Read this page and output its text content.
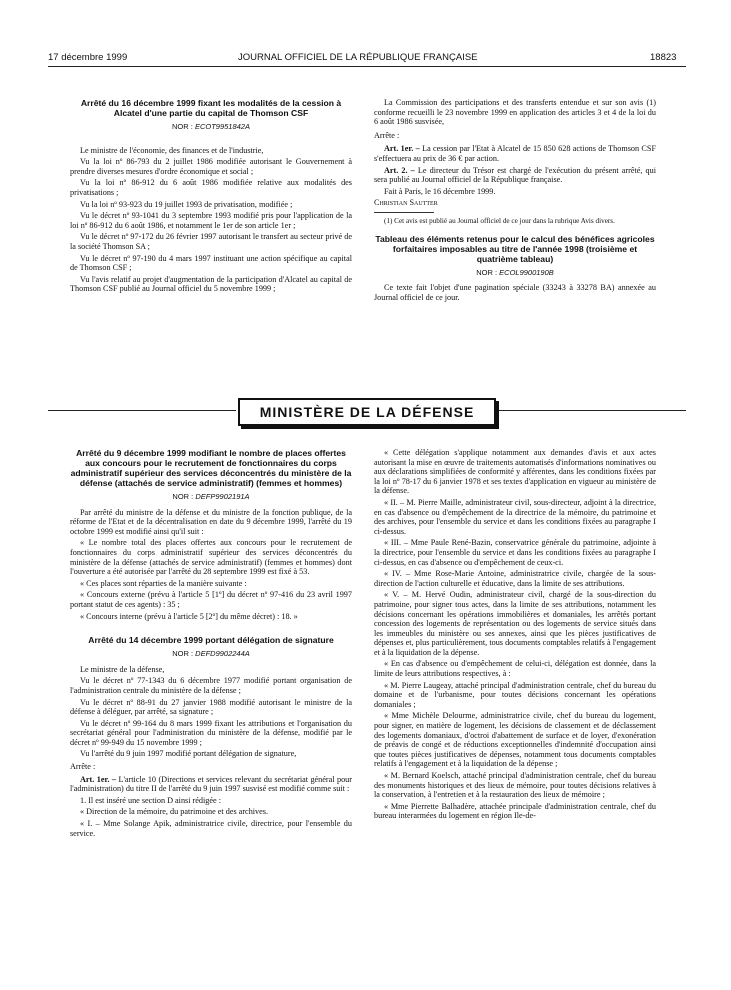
17 décembre 1999	JOURNAL OFFICIEL DE LA RÉPUBLIQUE FRANÇAISE	18823
Arrêté du 16 décembre 1999 fixant les modalités de la cession à Alcatel d'une partie du capital de Thomson CSF
NOR : ECOT9951842A

Le ministre de l'économie, des finances et de l'industrie,

Vu la loi nº 86-793 du 2 juillet 1986 modifiée autorisant le Gouvernement à prendre diverses mesures d'ordre économique et social ;

Vu la loi nº 86-912 du 6 août 1986 modifiée relative aux modalités des privatisations ;

Vu la loi nº 93-923 du 19 juillet 1993 de privatisation, modifiée ;

Vu le décret nº 93-1041 du 3 septembre 1993 modifié pris pour l'application de la loi nº 86-912 du 6 août 1986, et notamment le 1er de son article 1er ;

Vu le décret nº 97-172 du 26 février 1997 autorisant le transfert au secteur privé de la société Thomson SA ;

Vu le décret nº 97-190 du 4 mars 1997 instituant une action spécifique au capital de Thomson CSF ;

Vu l'avis relatif au projet d'augmentation de la participation d'Alcatel au capital de Thomson CSF publié au Journal officiel du 5 novembre 1999 ;

La Commission des participations et des transferts entendue et sur son avis (1) conforme recueilli le 23 novembre 1999 en application des articles 3 et 4 de la loi du 6 août 1986 susvisée,

Arrête :

Art. 1er. – La cession par l'Etat à Alcatel de 15 850 628 actions de Thomson CSF s'effectuera au prix de 36 € par action.

Art. 2. – Le directeur du Trésor est chargé de l'exécution du présent arrêté, qui sera publié au Journal officiel de la République française.

Fait à Paris, le 16 décembre 1999.

Christian Sautter

(1) Cet avis est publié au Journal officiel de ce jour dans la rubrique Avis divers.

Tableau des éléments retenus pour le calcul des bénéfices agricoles forfaitaires imposables au titre de l'année 1998 (troisième et quatrième tableau)
NOR : ECOL9900190B

Ce texte fait l'objet d'une pagination spéciale (33243 à 33278 BA) annexée au Journal officiel de ce jour.

MINISTÈRE DE LA DÉFENSE
Arrêté du 9 décembre 1999 modifiant le nombre de places offertes aux concours pour le recrutement de fonctionnaires du corps administratif supérieur des services déconcentrés du ministère de la défense (attachés de service administratif) (femmes et hommes)
NOR : DEFP9902191A

Par arrêté du ministre de la défense et du ministre de la fonction publique, de la réforme de l'Etat et de la décentralisation en date du 9 décembre 1999, l'arrêté du 19 octobre 1999 est modifié ainsi qu'il suit :

« Le nombre total des places offertes aux concours pour le recrutement de fonctionnaires du corps administratif supérieur des services déconcentrés du ministère de la défense (attachés de service administratif) (femmes et hommes) dont l'ouverture a été autorisée par l'arrêté du 28 septembre 1999 est fixé à 53.

« Ces places sont réparties de la manière suivante :

« Concours externe (prévu à l'article 5 [1º] du décret nº 97-416 du 23 avril 1997 portant statut de ces agents) : 35 ;

« Concours interne (prévu à l'article 5 [2º] du même décret) : 18. »

Arrêté du 14 décembre 1999 portant délégation de signature
NOR : DEFD9902244A

Le ministre de la défense,

Vu le décret nº 77-1343 du 6 décembre 1977 modifié portant organisation de l'administration centrale du ministère de la défense ;

Vu le décret nº 88-91 du 27 janvier 1988 modifié autorisant le ministre de la défense à déléguer, par arrêté, sa signature ;

Vu le décret nº 99-164 du 8 mars 1999 fixant les attributions et l'organisation du secrétariat général pour l'administration du ministère de la défense, modifié par le décret nº 99-949 du 15 novembre 1999 ;

Vu l'arrêté du 9 juin 1997 modifié portant délégation de signature,

Arrête :

Art. 1er. – L'article 10 (Directions et services relevant du secrétariat général pour l'administration) du titre II de l'arrêté du 9 juin 1997 susvisé est modifié comme suit :

1. Il est inséré une section D ainsi rédigée :

« Direction de la mémoire, du patrimoine et des archives.

« I. – Mme Solange Apik, administratrice civile, directrice, pour l'ensemble du service.

« Cette délégation s'applique notamment aux demandes d'avis et aux actes autorisant la mise en œuvre de traitements automatisés d'informations nominatives ou aux déclarations simplifiées de conformité y afférentes, dans les conditions fixées par la loi nº 78-17 du 6 janvier 1978 et ses textes d'application en vigueur au ministère de la défense.

« II. – M. Pierre Maille, administrateur civil, sous-directeur, adjoint à la directrice, en cas d'absence ou d'empêchement de la directrice de la mémoire, du patrimoine et des archives, pour l'ensemble du service et dans les conditions fixées au paragraphe I ci-dessus.

« III. – Mme Paule René-Bazin, conservatrice générale du patrimoine, adjointe à la directrice, pour l'ensemble du service et dans les conditions fixées au paragraphe I ci-dessus, en cas d'absence ou d'empêchement de ceux-ci.

« IV. – Mme Rose-Marie Antoine, administratrice civile, chargée de la sous-direction de l'action culturelle et éducative, dans la limite de ses attributions.

« V. – M. Hervé Oudin, administrateur civil, chargé de la sous-direction du patrimoine, pour signer tous actes, dans la limite de ses attributions, notamment les décisions concernant les opérations immobilières et domaniales, les arrêtés portant concession des logements de représentation ou des logements de service situés dans les immeubles du ministère ou ses annexes, ainsi que les pièces justificatives de dépenses et, plus particulièrement, tous documents comptables relatifs à l'engagement et à la liquidation de la dépense.

« En cas d'absence ou d'empêchement de celui-ci, délégation est donnée, dans la limite de leurs attributions respectives, à :

« M. Pierre Laugeay, attaché principal d'administration centrale, chef du bureau du domaine et de l'urbanisme, pour toutes décisions concernant les opérations domaniales ;

« Mme Michèle Delourme, administratrice civile, chef du bureau du logement, pour signer, en matière de logement, les décisions de classement et de déclassement des logements domaniaux, d'octroi d'abattement de surface et de loyer, d'exonération de préavis de congé et de réductions exceptionnelles d'indemnité d'occupation ainsi que toutes pièces justificatives de dépenses, notamment tous documents comptables relatifs à l'engagement et à la liquidation de la dépense ;

« M. Bernard Koelsch, attaché principal d'administration centrale, chef du bureau des monuments historiques et des lieux de mémoire, pour toutes décisions relatives à la conservation, à l'entretien et à la restauration des lieux de mémoire ;

« Mme Pierrette Balhadère, attachée principale d'administration centrale, chef du bureau interarmées du logement en région Ile-de-
